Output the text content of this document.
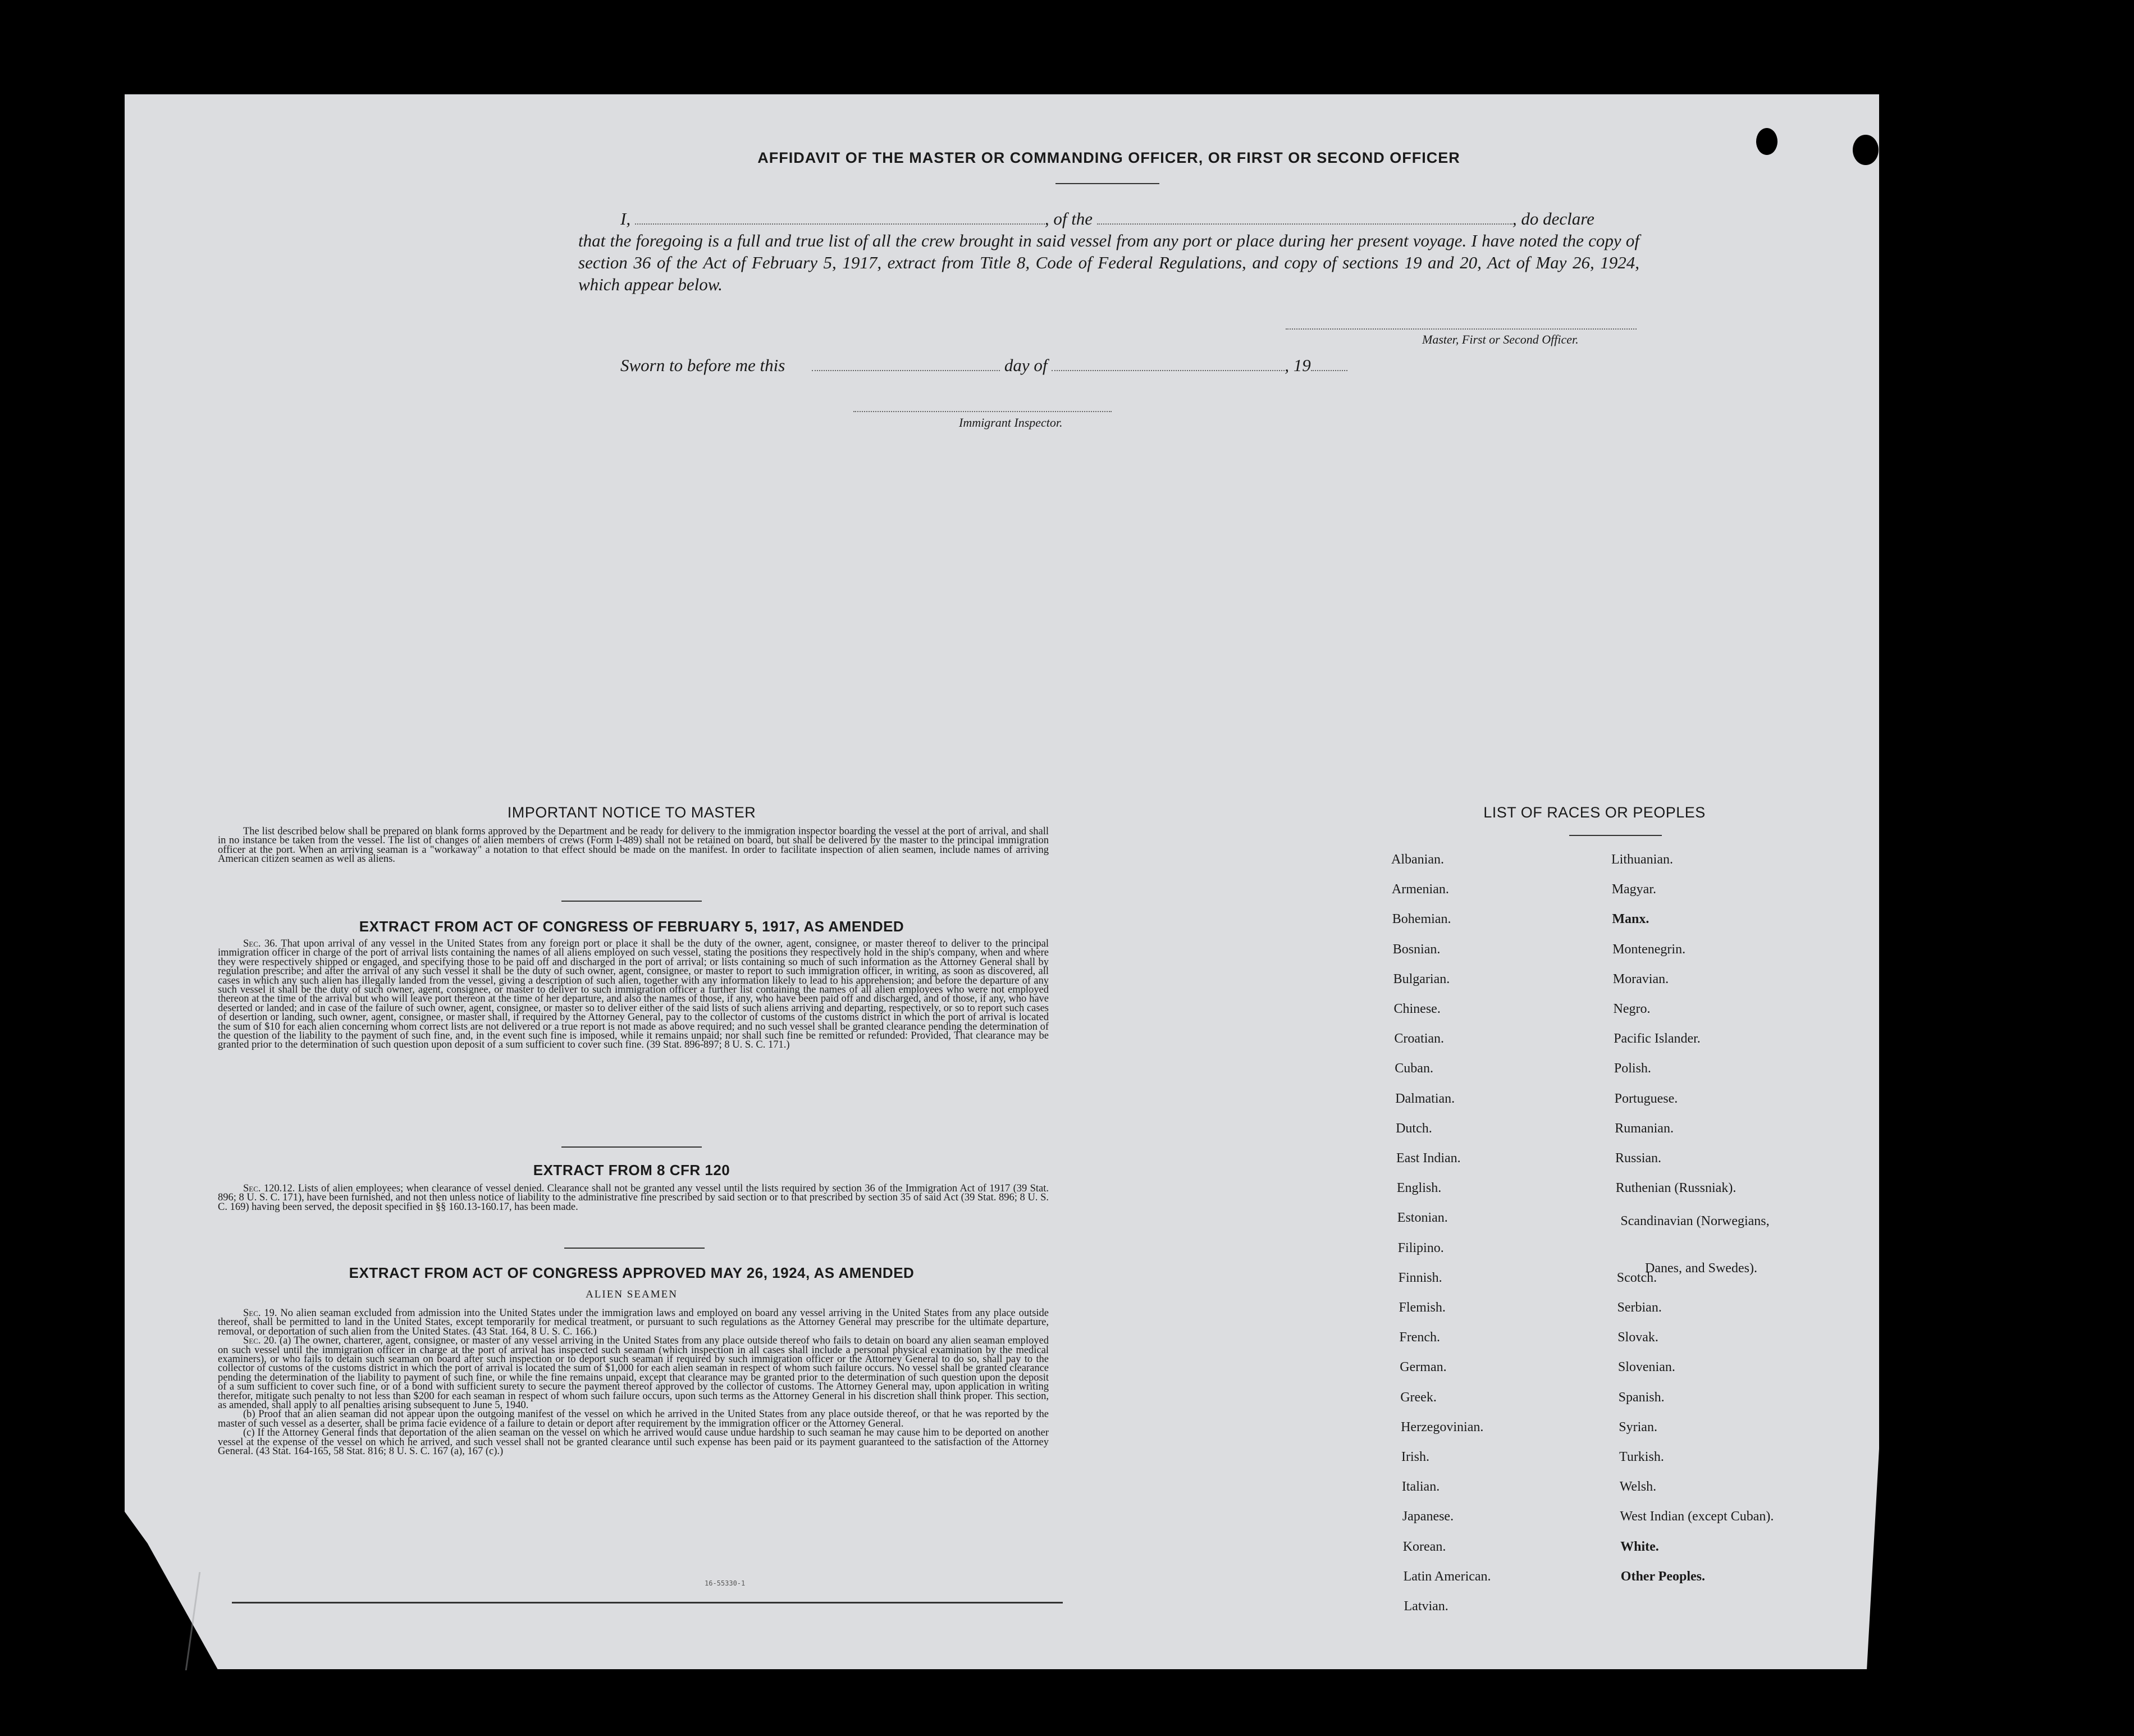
AFFIDAVIT OF THE MASTER OR COMMANDING OFFICER, OR FIRST OR SECOND OFFICER
I,	, of the	, do declare
that the foregoing is a full and true list of all the crew brought in said vessel from any port or place during her present voyage. I have noted the copy of section 36 of the Act of February 5, 1917, extract from Title 8, Code of Federal Regulations, and copy of sections 19 and 20, Act of May 26, 1924, which appear below.
Master, First or Second Officer.
Sworn to before me this	day of	, 19
Immigrant Inspector.
IMPORTANT NOTICE TO MASTER

The list described below shall be prepared on blank forms approved by the Department and be ready for delivery to the immigration inspector boarding the vessel at the port of arrival, and shall in no instance be taken from the vessel. The list of changes of alien members of crews (Form I-489) shall not be retained on board, but shall be delivered by the master to the principal immigration officer at the port. When an arriving seaman is a "workaway" a notation to that effect should be made on the manifest. In order to facilitate inspection of alien seamen, include names of arriving American citizen seamen as well as aliens.

EXTRACT FROM ACT OF CONGRESS OF FEBRUARY 5, 1917, AS AMENDED

Sec. 36. That upon arrival of any vessel in the United States from any foreign port or place it shall be the duty of the owner, agent, consignee, or master thereof to deliver to the principal immigration officer in charge of the port of arrival lists containing the names of all aliens employed on such vessel, stating the positions they respectively hold in the ship's company, when and where they were respectively shipped or engaged, and specifying those to be paid off and discharged in the port of arrival; or lists containing so much of such information as the Attorney General shall by regulation prescribe; and after the arrival of any such vessel it shall be the duty of such owner, agent, consignee, or master to report to such immigration officer, in writing, as soon as discovered, all cases in which any such alien has illegally landed from the vessel, giving a description of such alien, together with any information likely to lead to his apprehension; and before the departure of any such vessel it shall be the duty of such owner, agent, consignee, or master to deliver to such immigration officer a further list containing the names of all alien employees who were not employed thereon at the time of the arrival but who will leave port thereon at the time of her departure, and also the names of those, if any, who have been paid off and discharged, and of those, if any, who have deserted or landed; and in case of the failure of such owner, agent, consignee, or master so to deliver either of the said lists of such aliens arriving and departing, respectively, or so to report such cases of desertion or landing, such owner, agent, consignee, or master shall, if required by the Attorney General, pay to the collector of customs of the customs district in which the port of arrival is located the sum of $10 for each alien concerning whom correct lists are not delivered or a true report is not made as above required; and no such vessel shall be granted clearance pending the determination of the question of the liability to the payment of such fine, and, in the event such fine is imposed, while it remains unpaid; nor shall such fine be remitted or refunded: Provided, That clearance may be granted prior to the determination of such question upon deposit of a sum sufficient to cover such fine. (39 Stat. 896-897; 8 U. S. C. 171.)

EXTRACT FROM 8 CFR 120

Sec. 120.12. Lists of alien employees; when clearance of vessel denied. Clearance shall not be granted any vessel until the lists required by section 36 of the Immigration Act of 1917 (39 Stat. 896; 8 U. S. C. 171), have been furnished, and not then unless notice of liability to the administrative fine prescribed by said section or to that prescribed by section 35 of said Act (39 Stat. 896; 8 U. S. C. 169) having been served, the deposit specified in §§ 160.13-160.17, has been made.

EXTRACT FROM ACT OF CONGRESS APPROVED MAY 26, 1924, AS AMENDED
ALIEN SEAMEN

Sec. 19. No alien seaman excluded from admission into the United States under the immigration laws and employed on board any vessel arriving in the United States from any place outside thereof, shall be permitted to land in the United States, except temporarily for medical treatment, or pursuant to such regulations as the Attorney General may prescribe for the ultimate departure, removal, or deportation of such alien from the United States. (43 Stat. 164, 8 U. S. C. 166.)

Sec. 20. (a) The owner, charterer, agent, consignee, or master of any vessel arriving in the United States from any place outside thereof who fails to detain on board any alien seaman employed on such vessel until the immigration officer in charge at the port of arrival has inspected such seaman (which inspection in all cases shall include a personal physical examination by the medical examiners), or who fails to detain such seaman on board after such inspection or to deport such seaman if required by such immigration officer or the Attorney General to do so, shall pay to the collector of customs of the customs district in which the port of arrival is located the sum of $1,000 for each alien seaman in respect of whom such failure occurs. No vessel shall be granted clearance pending the determination of the liability to payment of such fine, or while the fine remains unpaid, except that clearance may be granted prior to the determination of such question upon the deposit of a sum sufficient to cover such fine, or of a bond with sufficient surety to secure the payment thereof approved by the collector of customs. The Attorney General may, upon application in writing therefor, mitigate such penalty to not less than $200 for each seaman in respect of whom such failure occurs, upon such terms as the Attorney General in his discretion shall think proper. This section, as amended, shall apply to all penalties arising subsequent to June 5, 1940.

(b) Proof that an alien seaman did not appear upon the outgoing manifest of the vessel on which he arrived in the United States from any place outside thereof, or that he was reported by the master of such vessel as a deserter, shall be prima facie evidence of a failure to detain or deport after requirement by the immigration officer or the Attorney General.

(c) If the Attorney General finds that deportation of the alien seaman on the vessel on which he arrived would cause undue hardship to such seaman he may cause him to be deported on another vessel at the expense of the vessel on which he arrived, and such vessel shall not be granted clearance until such expense has been paid or its payment guaranteed to the satisfaction of the Attorney General. (43 Stat. 164-165, 58 Stat. 816; 8 U. S. C. 167 (a), 167 (c).)

16-55330-1
LIST OF RACES OR PEOPLES
Albanian.
Armenian.
Bohemian.
Bosnian.
Bulgarian.
Chinese.
Croatian.
Cuban.
Dalmatian.
Dutch.
East Indian.
English.
Estonian.
Filipino.
Finnish.
Flemish.
French.
German.
Greek.
Herzegovinian.
Irish.
Italian.
Japanese.
Korean.
Latin American.
Latvian.
Lithuanian.
Magyar.
Manx.
Montenegrin.
Moravian.
Negro.
Pacific Islander.
Polish.
Portuguese.
Rumanian.
Russian.
Ruthenian (Russniak).
Scandinavian (Norwegians,
Danes, and Swedes).
Scotch.
Serbian.
Slovak.
Slovenian.
Spanish.
Syrian.
Turkish.
Welsh.
West Indian (except Cuban).
White.
Other Peoples.
